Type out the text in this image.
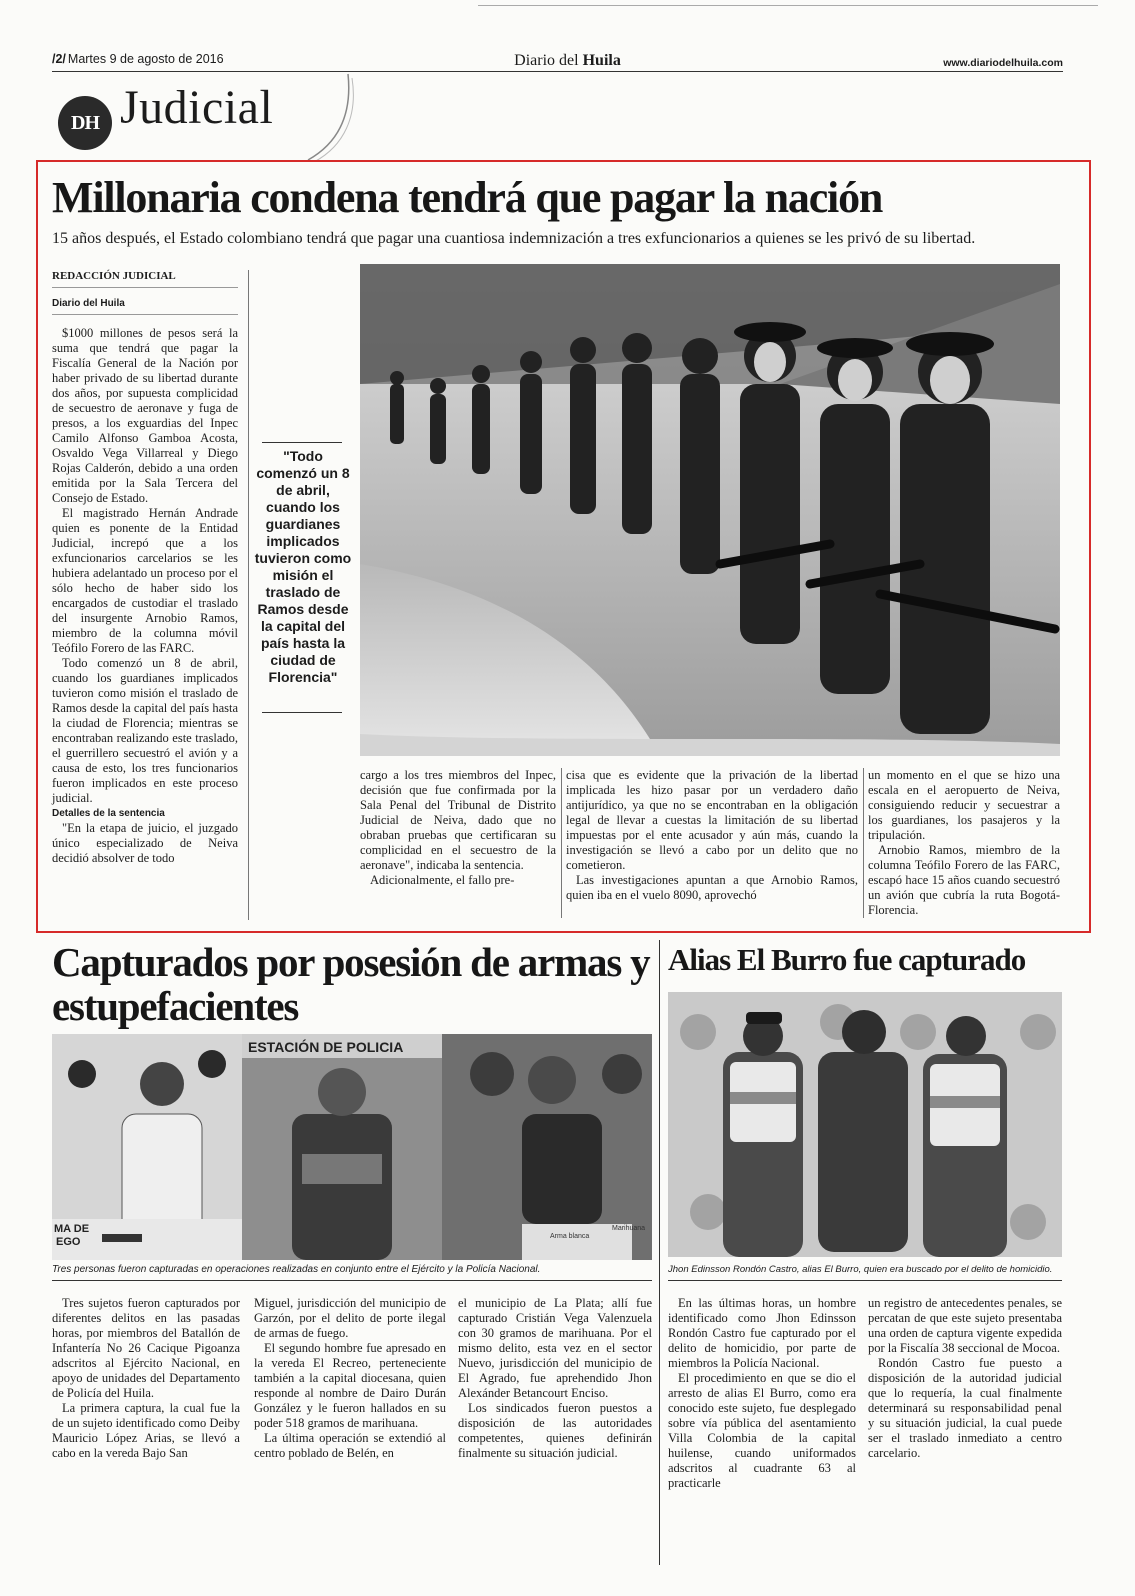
/2/ Martes 9 de agosto de 2016	Diario del Huila	www.diariodelhuila.com
DH Judicial
Millonaria condena tendrá que pagar la nación
15 años después, el Estado colombiano tendrá que pagar una cuantiosa indemnización a tres exfuncionarios a quienes se les privó de su libertad.
REDACCIÓN JUDICIAL
Diario del Huila

$1000 millones de pesos será la suma que tendrá que pagar la Fiscalía General de la Nación por haber privado de su libertad durante dos años, por supuesta complicidad de secuestro de aeronave y fuga de presos, a los exguardias del Inpec Camilo Alfonso Gamboa Acosta, Osvaldo Vega Villarreal y Diego Rojas Calderón, debido a una orden emitida por la Sala Tercera del Consejo de Estado.

El magistrado Hernán Andrade quien es ponente de la Entidad Judicial, increpó que a los exfuncionarios carcelarios se les hubiera adelantado un proceso por el sólo hecho de haber sido los encargados de custodiar el traslado del insurgente Arnobio Ramos, miembro de la columna móvil Teófilo Forero de las FARC.

Todo comenzó un 8 de abril, cuando los guardianes implicados tuvieron como misión el traslado de Ramos desde la capital del país hasta la ciudad de Florencia; mientras se encontraban realizando este traslado, el guerrillero secuestró el avión y a causa de esto, los tres funcionarios fueron implicados en este proceso judicial.

Detalles de la sentencia

"En la etapa de juicio, el juzgado único especializado de Neiva decidió absolver de todo

"Todo comenzó un 8 de abril, cuando los guardianes implicados tuvieron como misión el traslado de Ramos desde la capital del país hasta la ciudad de Florencia"

cargo a los tres miembros del Inpec, decisión que fue confirmada por la Sala Penal del Tribunal de Distrito Judicial de Neiva, dado que no obraban pruebas que certificaran su complicidad en el secuestro de la aeronave", indicaba la sentencia.

Adicionalmente, el fallo pre-

cisa que es evidente que la privación de la libertad implicada les hizo pasar por un verdadero daño antijurídico, ya que no se encontraban en la obligación legal de llevar a cuestas la limitación de su libertad impuestas por el ente acusador y aún más, cuando la investigación se llevó a cabo por un delito que no cometieron.

Las investigaciones apuntan a que Arnobio Ramos, quien iba en el vuelo 8090, aprovechó

un momento en el que se hizo una escala en el aeropuerto de Neiva, consiguiendo reducir y secuestrar a los guardianes, los pasajeros y la tripulación.

Arnobio Ramos, miembro de la columna Teófilo Forero de las FARC, escapó hace 15 años cuando secuestró un avión que cubría la ruta Bogotá-Florencia.

Capturados por posesión de armas y estupefacientes
MA DE
EGO
ESTACIÓN DE POLICIA
Arma blanca
Marihuana
Tres personas fueron capturadas en operaciones realizadas en conjunto entre el Ejército y la Policía Nacional.

Tres sujetos fueron capturados por diferentes delitos en las pasadas horas, por miembros del Batallón de Infantería No 26 Cacique Pigoanza adscritos al Ejército Nacional, en apoyo de unidades del Departamento de Policía del Huila.

La primera captura, la cual fue la de un sujeto identificado como Deiby Mauricio López Arias, se llevó a cabo en la vereda Bajo San

Miguel, jurisdicción del municipio de Garzón, por el delito de porte ilegal de armas de fuego.

El segundo hombre fue apresado en la vereda El Recreo, perteneciente también a la capital diocesana, quien responde al nombre de Dairo Durán González y le fueron hallados en su poder 518 gramos de marihuana.

La última operación se extendió al centro poblado de Belén, en

el municipio de La Plata; allí fue capturado Cristián Vega Valenzuela con 30 gramos de marihuana. Por el mismo delito, esta vez en el sector Nuevo, jurisdicción del municipio de El Agrado, fue aprehendido Jhon Alexánder Betancourt Enciso.

Los sindicados fueron puestos a disposición de las autoridades competentes, quienes definirán finalmente su situación judicial.

Alias El Burro fue capturado
Jhon Edinsson Rondón Castro, alias El Burro, quien era buscado por el delito de homicidio.

En las últimas horas, un hombre identificado como Jhon Edinsson Rondón Castro fue capturado por el delito de homicidio, por parte de miembros la Policía Nacional.

El procedimiento en que se dio el arresto de alias El Burro, como era conocido este sujeto, fue desplegado sobre vía pública del asentamiento Villa Colombia de la capital huilense, cuando uniformados adscritos al cuadrante 63 al practicarle

un registro de antecedentes penales, se percatan de que este sujeto presentaba una orden de captura vigente expedida por la Fiscalía 38 seccional de Mocoa.

Rondón Castro fue puesto a disposición de la autoridad judicial que lo requería, la cual finalmente determinará su responsabilidad penal y su situación judicial, la cual puede ser el traslado inmediato a centro carcelario.
